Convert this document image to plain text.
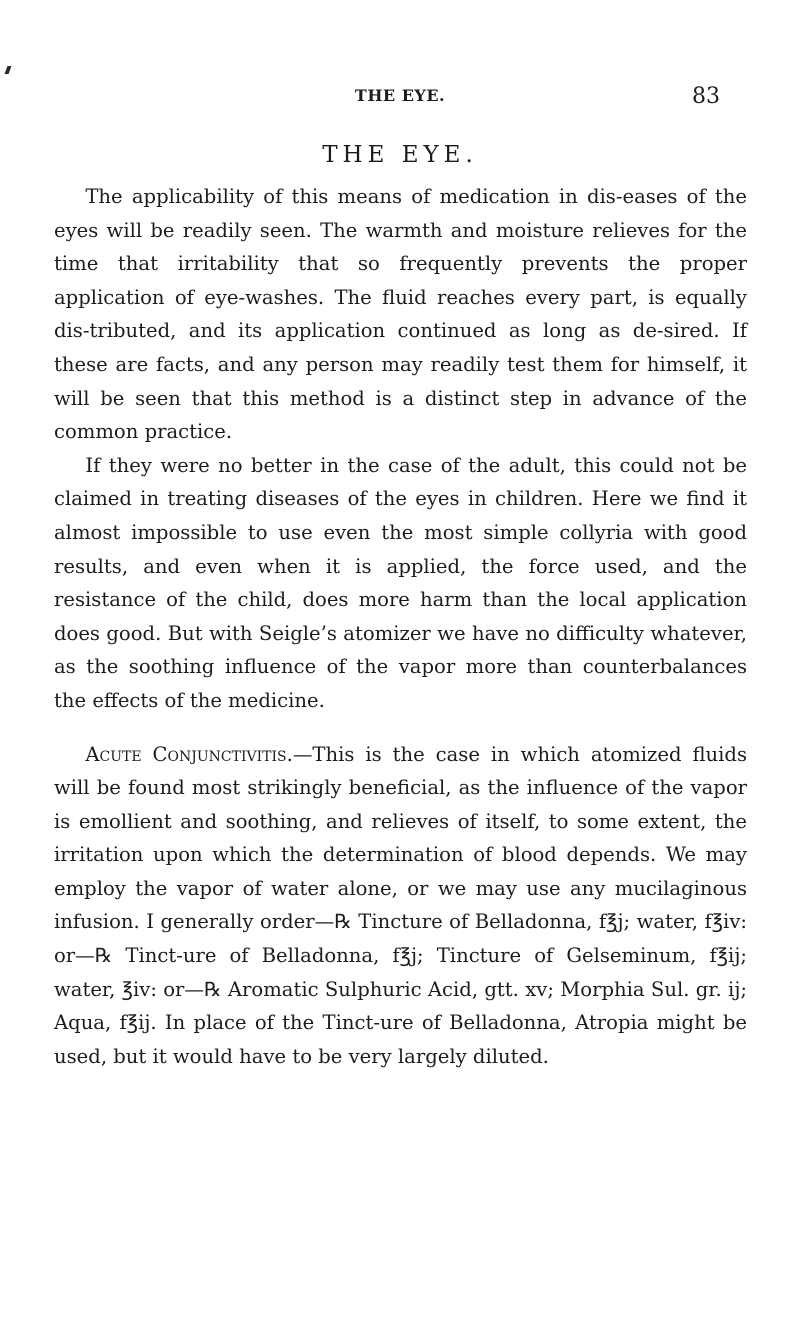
THE EYE.	83
THE EYE.

The applicability of this means of medication in dis-eases of the eyes will be readily seen. The warmth and moisture relieves for the time that irritability that so frequently prevents the proper application of eye-washes. The fluid reaches every part, is equally dis-tributed, and its application continued as long as de-sired. If these are facts, and any person may readily test them for himself, it will be seen that this method is a distinct step in advance of the common practice.

If they were no better in the case of the adult, this could not be claimed in treating diseases of the eyes in children. Here we find it almost impossible to use even the most simple collyria with good results, and even when it is applied, the force used, and the resistance of the child, does more harm than the local application does good. But with Seigle’s atomizer we have no difficulty whatever, as the soothing influence of the vapor more than counterbalances the effects of the medicine.

Acute Conjunctivitis.—This is the case in which atomized fluids will be found most strikingly beneficial, as the influence of the vapor is emollient and soothing, and relieves of itself, to some extent, the irritation upon which the determination of blood depends. We may employ the vapor of water alone, or we may use any mucilaginous infusion. I generally order—℞ Tincture of Belladonna, f℥j; water, f℥iv: or—℞ Tinct-ure of Belladonna, f℥j; Tincture of Gelseminum, f℥ij; water, ℥iv: or—℞ Aromatic Sulphuric Acid, gtt. xv; Morphia Sul. gr. ij; Aqua, f℥ij. In place of the Tinct-ure of Belladonna, Atropia might be used, but it would have to be very largely diluted.
